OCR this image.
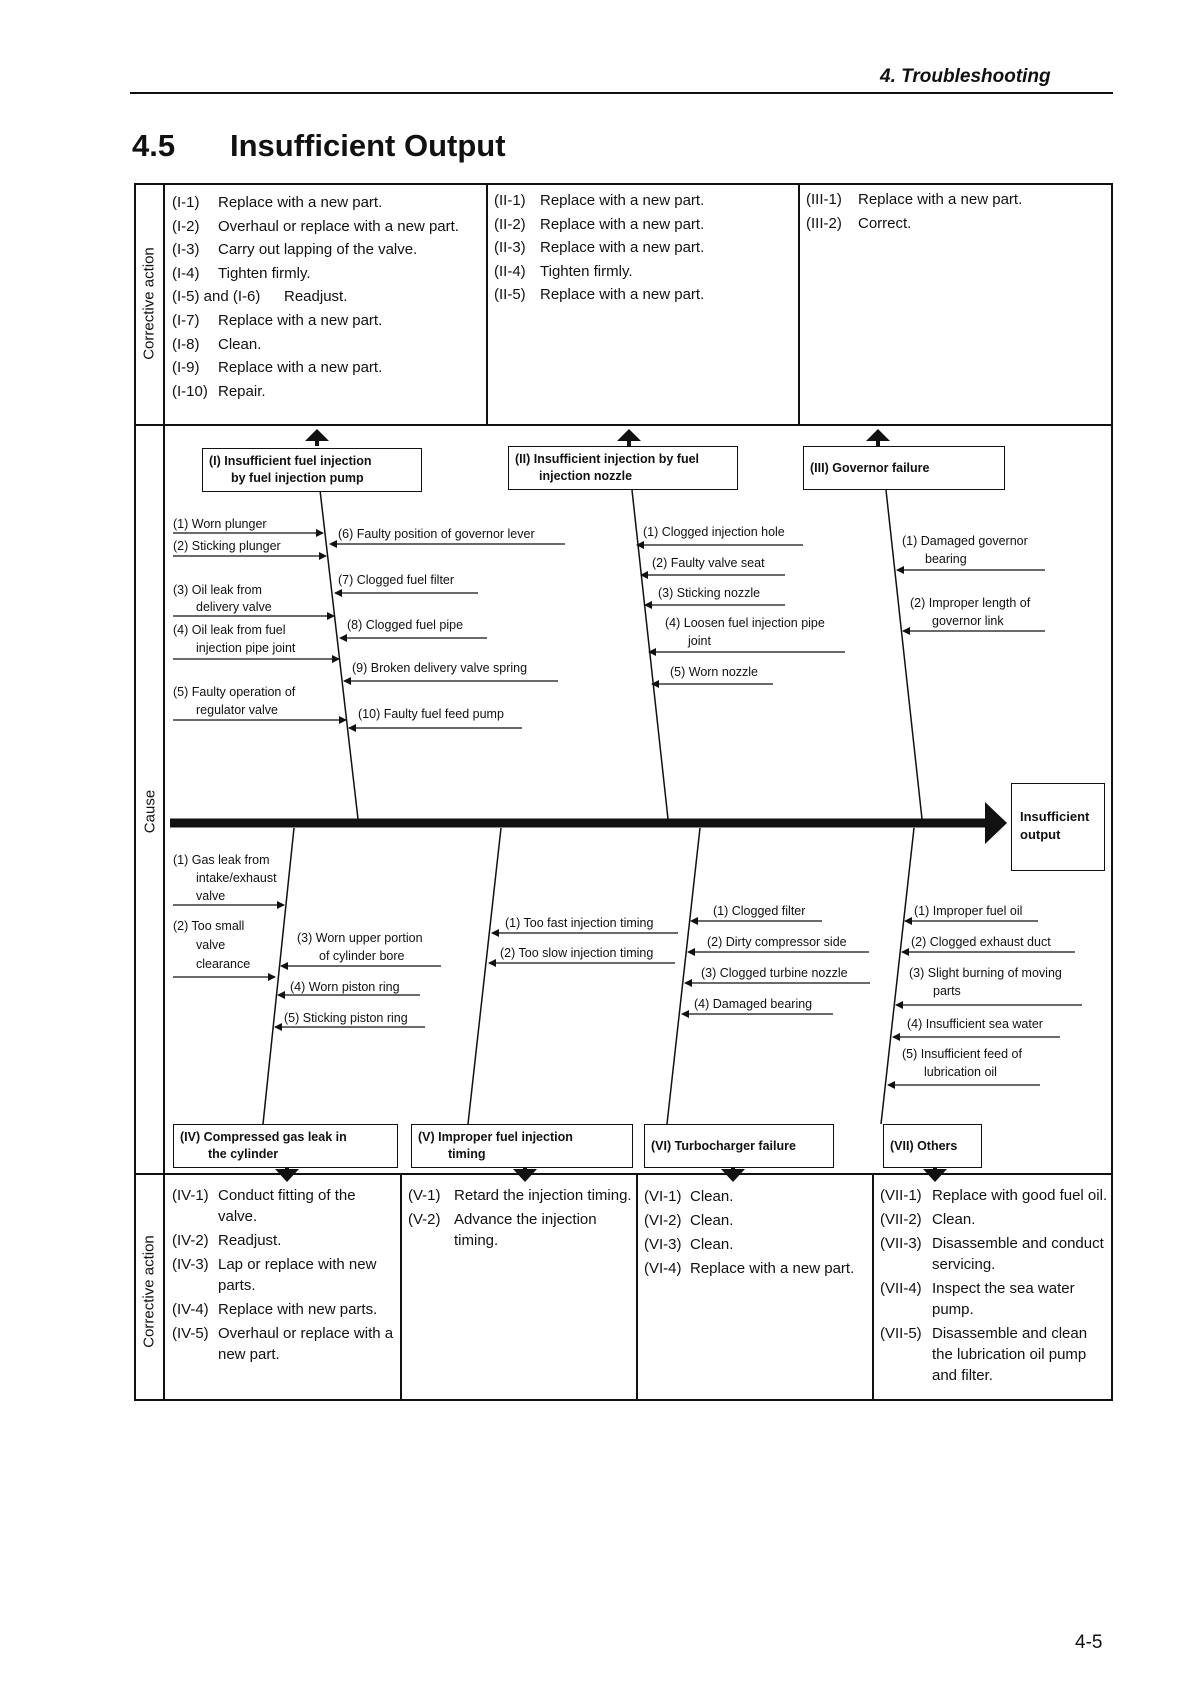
4. Troubleshooting
4.5 Insufficient Output
Corrective action
Cause
Corrective action
(I-1)	Replace with a new part.
(I-2)	Overhaul or replace with a new part.
(I-3)	Carry out lapping of the valve.
(I-4)	Tighten firmly.
(I-5) and (I-6)	Readjust.
(I-7)	Replace with a new part.
(I-8)	Clean.
(I-9)	Replace with a new part.
(I-10) Repair.
(II-1) Replace with a new part.
(II-2) Replace with a new part.
(II-3) Replace with a new part.
(II-4) Tighten firmly.
(II-5) Replace with a new part.
(III-1)	Replace with a new part.
(III-2)	Correct.
(I) Insufficient fuel injection
by fuel injection pump
(II) Insufficient injection by fuel
injection nozzle
(III) Governor failure
(1) Worn plunger
(2) Sticking plunger
(3) Oil leak from
delivery valve
(4) Oil leak from fuel
injection pipe joint
(5) Faulty operation of
regulator valve
(6) Faulty position of governor lever
(7) Clogged fuel filter
(8) Clogged fuel pipe
(9) Broken delivery valve spring
(10) Faulty fuel feed pump
(1) Clogged injection hole
(2) Faulty valve seat
(3) Sticking nozzle
(4) Loosen fuel injection pipe
joint
(5) Worn nozzle
(1) Damaged governor
bearing
(2) Improper length of
governor link
Insufficient
output
(1) Gas leak from
intake/exhaust
valve
(2) Too small
valve
clearance
(3) Worn upper portion
of cylinder bore
(4) Worn piston ring
(5) Sticking piston ring
(1) Too fast injection timing
(2) Too slow injection timing
(1) Clogged filter
(2) Dirty compressor side
(3) Clogged turbine nozzle
(4) Damaged bearing
(1) Improper fuel oil
(2) Clogged exhaust duct
(3) Slight burning of moving
parts
(4) Insufficient sea water
(5) Insufficient feed of
lubrication oil
(IV) Compressed gas leak in
the cylinder
(V) Improper fuel injection
timing
(VI) Turbocharger failure	(VII) Others
(IV-1) Conduct fitting of the valve.
(IV-2) Readjust.
(IV-3) Lap or replace with new parts.
(IV-4) Replace with new parts.
(IV-5) Overhaul or replace with a new part.
(V-1) Retard the injection timing.
(V-2) Advance the injection timing.
(VI-1) Clean.
(VI-2) Clean.
(VI-3) Clean.
(VI-4) Replace with a new part.
(VII-1) Replace with good fuel oil.
(VII-2) Clean.
(VII-3) Disassemble and conduct servicing.
(VII-4) Inspect the sea water pump.
(VII-5) Disassemble and clean the lubrication oil pump and filter.
4-5
